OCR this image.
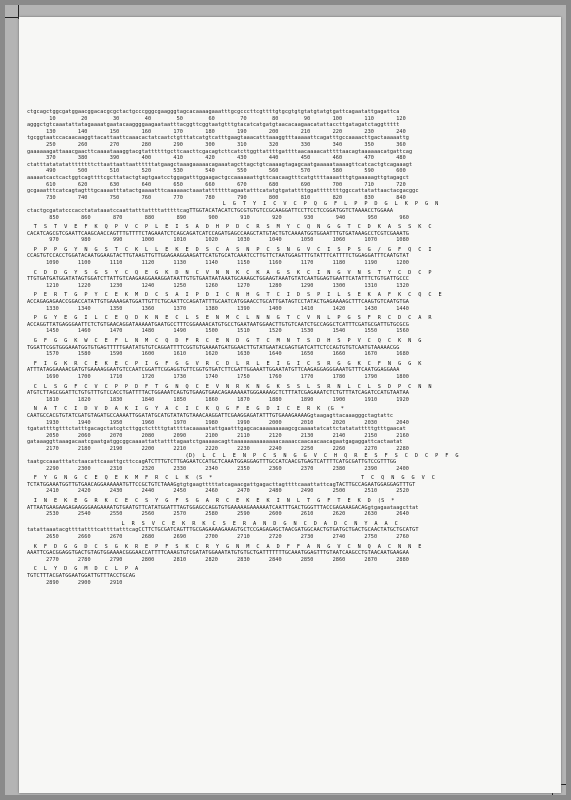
ctgcagctggcgatggaacggacacgcgctactgcccgggcgaagggtagcacaaaagaaatttgcgcccttcgttttgtgcgtgtgtatgtatgtgattcagaatattgagattca
10        20        30        40        50        60        70        80        90       100       110       120
agggctgtcaaatattatagaaaatgaatacaaggggaagaataatttacggttcggtaatgtttgtacatcatgatgtaacacaagaacatattaccttgatagatctaggttttt
130       140       150       160       170       180       190       200       210       220       230       240
tgcggtaatccacaacaaggttacattaattcaaacactatcaatctgtttatcatgtcatttgaagtaaacatttaaaggtttaaaaattcagatttgccaaaacttgactaaaaattg
250       260       270       280       290       300       310       320       330       340       350       360
gaaaaaagattaaacgaacttcaaaataaaggtacgtattttttgcttcaacttcgacagtcttcatcttggttattttgattttaacaaaacatttttaacagtaaaaaacatgattcag
370       380       390       400       410       420       430       440       450       460       470       480
ctatttatatatattttttttcttaattaattaattttttatgaagctaaagaaaaacagaaatagcttagctgtcaaaagtagagcaatgaaaaataaaagttcatcactgtcagaaagt
490       500       510       520       530       540       550       560       570       580       590       600
aaaaatcactcactggtcagttttcgcttatactgtagtgaatcctggagatttggaagactgccaaaaaattgttcaacaagtttcatgttttaaaatttgtgaaaaagttgtagagct
610       620       630       640       650       660       670       680       690       700       710       720
gcgaaatttcatcagtagtttgcaaaatttatactgaaaatttcaaaaaactaaatatttttttagaatatttcatatgtgatattttggattttttttggccattatattaactacgacggc
730       740       750       760       770       780       790       800       810       820       830       840
L  G  T  Y  I  C  V  C  P  Q  G  F  L  P  P  D  G  L  K  P  G  N
ctactgcgatatcccacctatataaatccaattatttattttatttttcagTTGGTACATACATCTGCGTGTGTCCGCAAGGATTCCTTCCTCCGGATGGTCTAAAACCTGGAAA
850       860       870       880       890       900       910       920       930       940       950       960
T  S  T  V  E  F  K  Q  P  V  C  P  L  E  I  S  A  D  H  P  D  C  R  S  M  Y  C  Q  N  G  G  T  C  D  K  A  S  S  K  C
CACATCAGCGTCGAATTCAAGCAACCAGTTTGTTTTCTAGAAATCTCAGCAGATCATCCAGATGAGCCAAGCTATGTACTGTCAAAATGGTGGAATTTGTGATAAAGCCTCGTCGAAATG
970       980       990      1000      1010      1020      1030      1040      1050      1060      1070      1080
P  P  P  G  Y  N  G  S  T  C  K  L  L  E  K  E  D  S  C  A  S  N  P  C  S  N  G  V  C  I  S  P  S  G  /  G  F  Q  C  I
CCAGTGTCCACCTGGATACAATGGAAGTACTTGTAAGTTGTTGGAGAAGGAAGATTCATGTGCATCAAATCCTTGTTCTAATGGAGTTTGTATTTCATTTTCTGGAGGATTTCAATGTAT
1090      1100      1110      1120      1130      1140      1150      1160      1170      1180      1190      1200
C  D  D  G  Y  S  G  S  Y  C  Q  E  G  K  D  N  C  V  N  N  K  C  K  A  G  S  K  C  I  N  G  V  N  S  T  Y  C  D  C  P
TTGTGATGATGGATATAGTGGATCTTATTGTCAAGAAGGAAAGGATAATTGTGTGAATAATAAATGCAAAGCTGGAAGTAAATGTATCAATGGAGTGAATTCATATTTCTGTGATTGCCC
1210      1220      1230      1240      1250      1260      1270      1280      1290      1300      1310      1320
P  E  R  T  G  P  Y  C  E  K  M  D  C  S  A  I  P  D  I  C  N  H  G  T  C  I  D  S  P  I  L  S  E  K  A  F  K  C  Q  C  E
ACCAGAGAGAACCGGACCATATTGTGAAAAGATGGATTGTTCTGCAATTCCAGATATTTGCAATCATGGAACCTGCATTGATAGTCCTATACTGAGAAAAGCTTTCAAGTGTCAATGTGA
1330      1340      1350      1360      1370      1380      1390      1400      1410      1420      1430      1440
P  G  Y  E  G  I  L  C  E  Q  D  K  N  E  C  L  S  E  N  M  C  L  N  N  G  T  C  V  N  L  P  G  S  F  R  C  D  C  A  R
ACCAGGTTATGAGGGAATTCTCTGTGAACAGGATAAAAATGAATGCCTTTCGGAAAACATGTGCCTGAATAATGGAACTTGTGTCAATCTGCCAGGCTCATTTCGATGCGATTGTGCGCG
1450      1460      1470      1480      1490      1500      1510      1520      1530      1540      1550      1560
G  F  G  G  K  W  C  E  F  L  N  M  C  Q  D  F  R  C  E  N  D  G  T  C  M  N  T  S  D  H  S  P  V  C  Q  C  K  N  G
TGGATTCGGTGGGAAATGGTGTGAGTTTTTGAATATGTGTCAGGATTTTCGGTGTGAAAATGATGGAACTTGTATGAATACGAGTGATCATTCTCCAGTGTGTCAATGTAAAAACGG
1570      1580      1590      1600      1610      1620      1630      1640      1650      1660      1670      1680
F  I  G  K  R  C  E  K  E  C  P  I  G  F  G  G  V  R  C  D  L  R  L  E  I  G  I  C  S  R  G  G  K  C  F  N  G  G  K
ATTTATAGGAAAACGATGTGAAAAGGAATGTCCAATCGGATTCGGAGGTGTTCGGTGTGATCTTCGATTGGAAATTGGAATATGTTCAAGAGGAGGGAAATGTTTCAATGGAGGAAA
1690      1700      1710      1720      1730      1740      1750      1760      1770      1780      1790      1800
C  L  S  G  F  C  V  C  P  P  D  F  T  G  N  Q  C  E  V  N  R  K  N  G  K  S  S  L  S  R  N  L  C  L  S  D  P  C  N  N
ATGTCTTAGCGGATTCTGTGTTTGTCCACCTGATTTTACTGGAAATCAGTGTGAAGTGAACAGAAAAAATGGGAAAAGCTCTTTATCGAGAAATCTCTGTTTATCAGATCCATGTAATAA
1810      1820      1830      1840      1850      1860      1870      1880      1890      1900      1910      1920
N  A  T  C  I  D  V  D  A  K  I  G  Y  A  C  I  C  K  Q  G  F  E  G  D  I  C  E  R  K  (G  *
CAATGCCACGTGTATCGATGTAGATGCCAAAATTGGATATGCATGTATATGTAAACAAGGATTCGAAGGAGATATTTGTGAAAGAAAAGgtaagagttacaaagggctagtattc
1930      1940      1950      1960      1970      1980      1990      2000      2010      2020      2030      2040
tgatattttgtttctatttgacagctatcgtcttggctcttttgtattttacaaaaatattgaatttgagcacaaaaaaaaagcgcaaaatatcattctatatatttttgtttgaacat
2050      2060      2070      2080      2090      2100      2110      2120      2130      2140      2150      2160
gataaaggttaaagacaatcgaatgatggcggcaaaattattattttagaatctgaaaaacagttaaaaaaaaaaaaaacaaaaccaacaacaacagaatgagaggattcactaatat
2170      2180      2190      2200      2210      2220      2230      2240      2250      2260      2270      2280
(D)  L  C  L  E  N  P  C  S  N  G  G  V  C  H  Q  R  E  S  F  S  C  D  C  P  F  G
taatgccaaatttatctaacattcaaattgcttccagATCTTTGTCTTGAGAATCCATGCTCAAATGGAGGAGTTTGCCATCAACGTGAGTCATTTTCATGCGATTGTCCGTTTGG
2290      2300      2310      2320      2330      2340      2350      2360      2370      2380      2390      2400
F  Y  G  N  G  C  E  Q  E  K  M  F  R  C  L  K  (S  *                                            T  C  Q  N  G  G  V  C
TCTATGGAAATGGTTGTGAACAGGAAAAAATGTTCCGCTGTCTAAAGgtgtgaagtttttatcagaacgattgagacttagttttcaaattattcagTACTTGCCAGAATGGAGGAGTTTGT
2410      2420      2430      2440      2450      2460      2470      2480      2490      2500      2510      2520
I  N  E  K  E  G  R  K  C  E  C  S  Y  G  F  S  G  A  R  C  E  K  E  K  I  N  L  T  G  F  T  E  K  D  (S  *
ATTAATGAAGAAGAGAAGGGAAGAAAATGTGAATGTTCATATGGATTTAGTGGAGCCAGGTGTGAAAAAGAAAAAATCAATTTGACTGGGTTTACCGAGAAAGACAGgtgagaataagcttat
2530      2540      2550      2560      2570      2580      2590      2600      2610      2620      2630      2640
L  R  S  V  C  E  K  R  K  C  S  E  R  A  N  D  G  N  C  D  A  D  C  N  Y  A  A  C
tatattaaatacgttttattttcattttatttcagCCTTCTGCGATCAGTTTGCGAGAAAAGAAAGTGCTCCGAGAGAGCTAACGATGGCAACTGTGATGCTGACTGCAACTATGCTGCATGT
2650      2660      2670      2680      2690      2700      2710      2720      2730      2740      2750      2760
K  F  D  G  G  D  C  S  G  K  R  E  P  F  S  K  C  R  Y  G  N  M  C  A  D  F  F  A  N  G  V  C  N  Q  A  C  N  N  E
AAATTCGACGGAGGTGACTGTAGTGGAAAACGGGAACCATTTTCAAAGTGTCGATATGGAAATATGTGTGCTGATTTTTTTGCAAATGGAGTTTGTAATCAAGCCTGTAACAATGAAGAA
2770      2780      2790      2800      2810      2820      2830      2840      2850      2860      2870      2880
C  L  Y  D  G  M  D  C  L  P  A
TGTCTTTACGATGGAATGGATTGTTTACCTGCAG
2890      2900      2910
